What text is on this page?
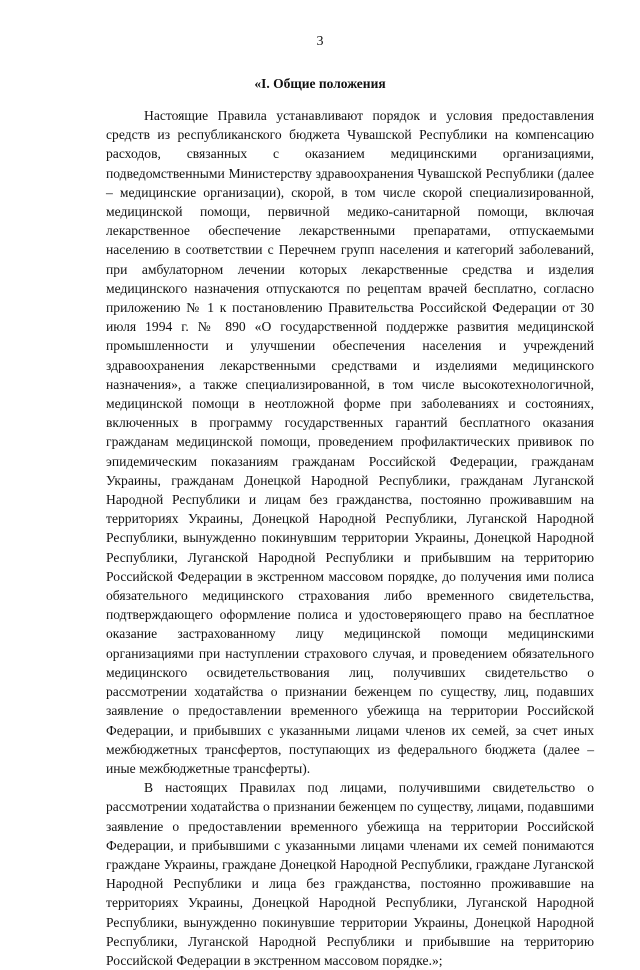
3
«I. Общие положения

Настоящие Правила устанавливают порядок и условия предоставления средств из республиканского бюджета Чувашской Республики на компенсацию расходов, связанных с оказанием медицинскими организациями, подведомственными Министерству здравоохранения Чувашской Республики (далее – медицинские организации), скорой, в том числе скорой специализированной, медицинской помощи, первичной медико-санитарной помощи, включая лекарственное обеспечение лекарственными препаратами, отпускаемыми населению в соответствии с Перечнем групп населения и категорий заболеваний, при амбулаторном лечении которых лекарственные средства и изделия медицинского назначения отпускаются по рецептам врачей бесплатно, согласно приложению № 1 к постановлению Правительства Российской Федерации от 30 июля 1994 г. № 890 «О государственной поддержке развития медицинской промышленности и улучшении обеспечения населения и учреждений здравоохранения лекарственными средствами и изделиями медицинского назначения», а также специализированной, в том числе высокотехнологичной, медицинской помощи в неотложной форме при заболеваниях и состояниях, включенных в программу государственных гарантий бесплатного оказания гражданам медицинской помощи, проведением профилактических прививок по эпидемическим показаниям гражданам Российской Федерации, гражданам Украины, гражданам Донецкой Народной Республики, гражданам Луганской Народной Республики и лицам без гражданства, постоянно проживавшим на территориях Украины, Донецкой Народной Республики, Луганской Народной Республики, вынужденно покинувшим территории Украины, Донецкой Народной Республики, Луганской Народной Республики и прибывшим на территорию Российской Федерации в экстренном массовом порядке, до получения ими полиса обязательного медицинского страхования либо временного свидетельства, подтверждающего оформление полиса и удостоверяющего право на бесплатное оказание застрахованному лицу медицинской помощи медицинскими организациями при наступлении страхового случая, и проведением обязательного медицинского освидетельствования лиц, получивших свидетельство о рассмотрении ходатайства о признании беженцем по существу, лиц, подавших заявление о предоставлении временного убежища на территории Российской Федерации, и прибывших с указанными лицами членов их семей, за счет иных межбюджетных трансфертов, поступающих из федерального бюджета (далее – иные межбюджетные трансферты).

В настоящих Правилах под лицами, получившими свидетельство о рассмотрении ходатайства о признании беженцем по существу, лицами, подавшими заявление о предоставлении временного убежища на территории Российской Федерации, и прибывшими с указанными лицами членами их семей понимаются граждане Украины, граждане Донецкой Народной Республики, граждане Луганской Народной Республики и лица без гражданства, постоянно проживавшие на территориях Украины, Донецкой Народной Республики, Луганской Народной Республики, вынужденно покинувшие территории Украины, Донецкой Народной Республики, Луганской Народной Республики и прибывшие на территорию Российской Федерации в экстренном массовом порядке.»;
